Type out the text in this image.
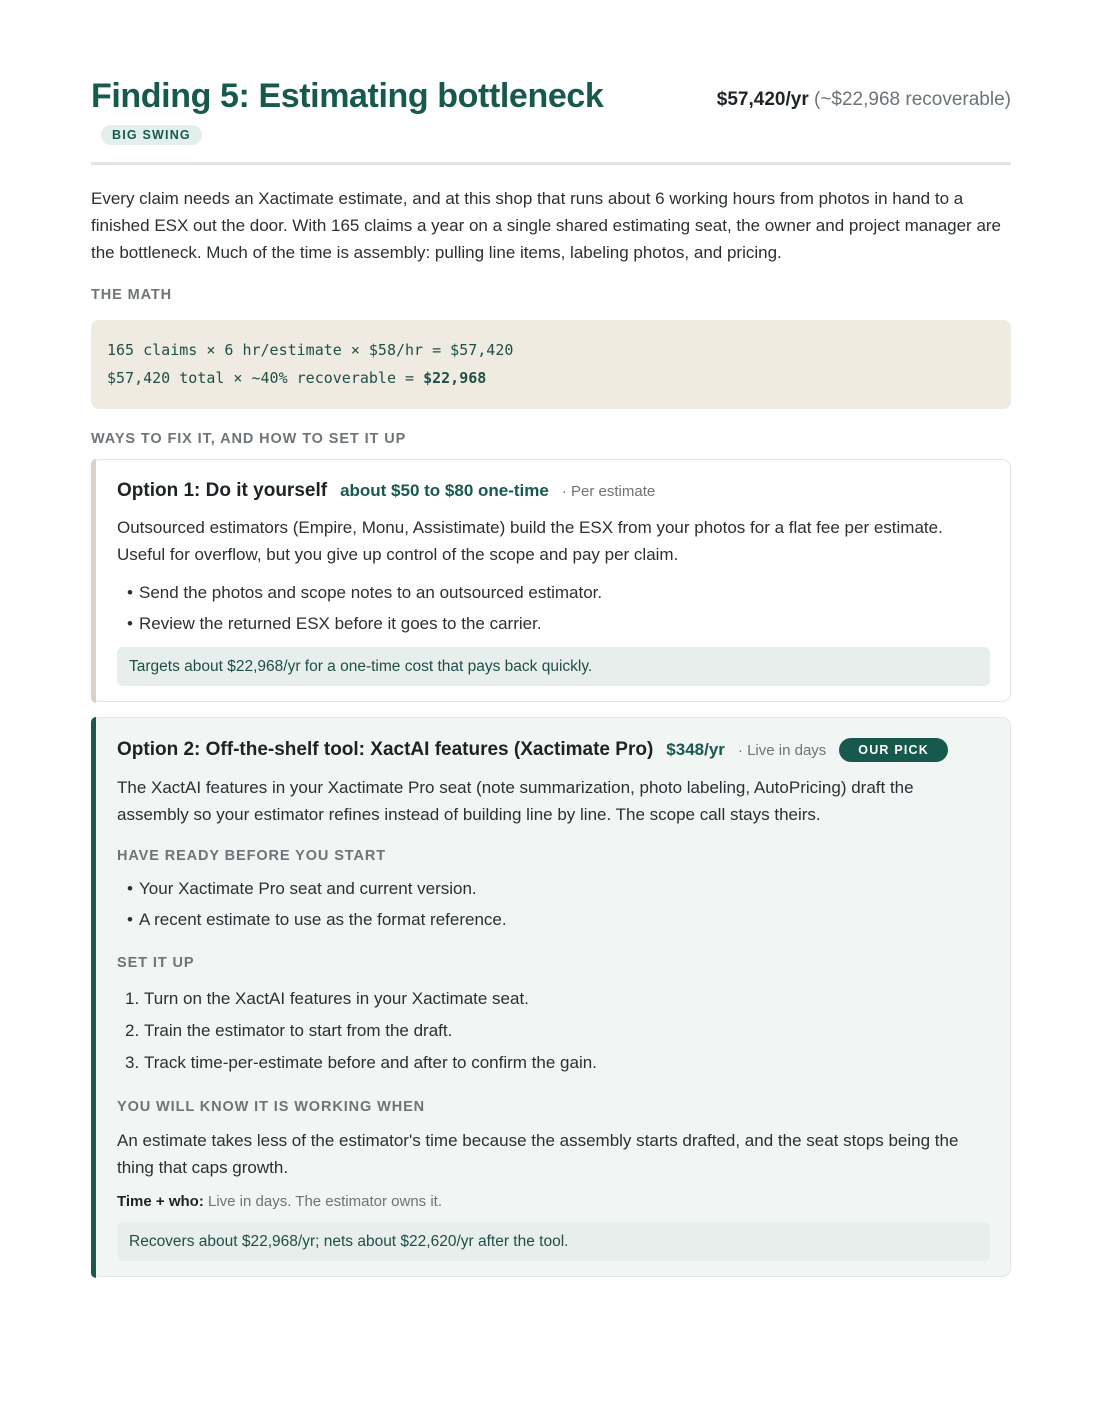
Finding 5: Estimating bottleneck
BIG SWING
$57,420/yr (~$22,968 recoverable)

Every claim needs an Xactimate estimate, and at this shop that runs about 6 working hours from photos in hand to a finished ESX out the door. With 165 claims a year on a single shared estimating seat, the owner and project manager are the bottleneck. Much of the time is assembly: pulling line items, labeling photos, and pricing.

THE MATH
165 claims × 6 hr/estimate × $58/hr = $57,420
$57,420 total × ~40% recoverable = $22,968
WAYS TO FIX IT, AND HOW TO SET IT UP
Option 1: Do it yourself about $50 to $80 one-time · Per estimate

Outsourced estimators (Empire, Monu, Assistimate) build the ESX from your photos for a flat fee per estimate. Useful for overflow, but you give up control of the scope and pay per claim.

• Send the photos and scope notes to an outsourced estimator.
• Review the returned ESX before it goes to the carrier.
Targets about $22,968/yr for a one-time cost that pays back quickly.
Option 2: Off-the-shelf tool: XactAI features (Xactimate Pro) $348/yr · Live in days	OUR PICK

The XactAI features in your Xactimate Pro seat (note summarization, photo labeling, AutoPricing) draft the assembly so your estimator refines instead of building line by line. The scope call stays theirs.

HAVE READY BEFORE YOU START
• Your Xactimate Pro seat and current version.
• A recent estimate to use as the format reference.
SET IT UP
1. Turn on the XactAI features in your Xactimate seat.
2. Train the estimator to start from the draft.
3. Track time-per-estimate before and after to confirm the gain.
YOU WILL KNOW IT IS WORKING WHEN

An estimate takes less of the estimator's time because the assembly starts drafted, and the seat stops being the thing that caps growth.

Time + who: Live in days. The estimator owns it.
Recovers about $22,968/yr; nets about $22,620/yr after the tool.
